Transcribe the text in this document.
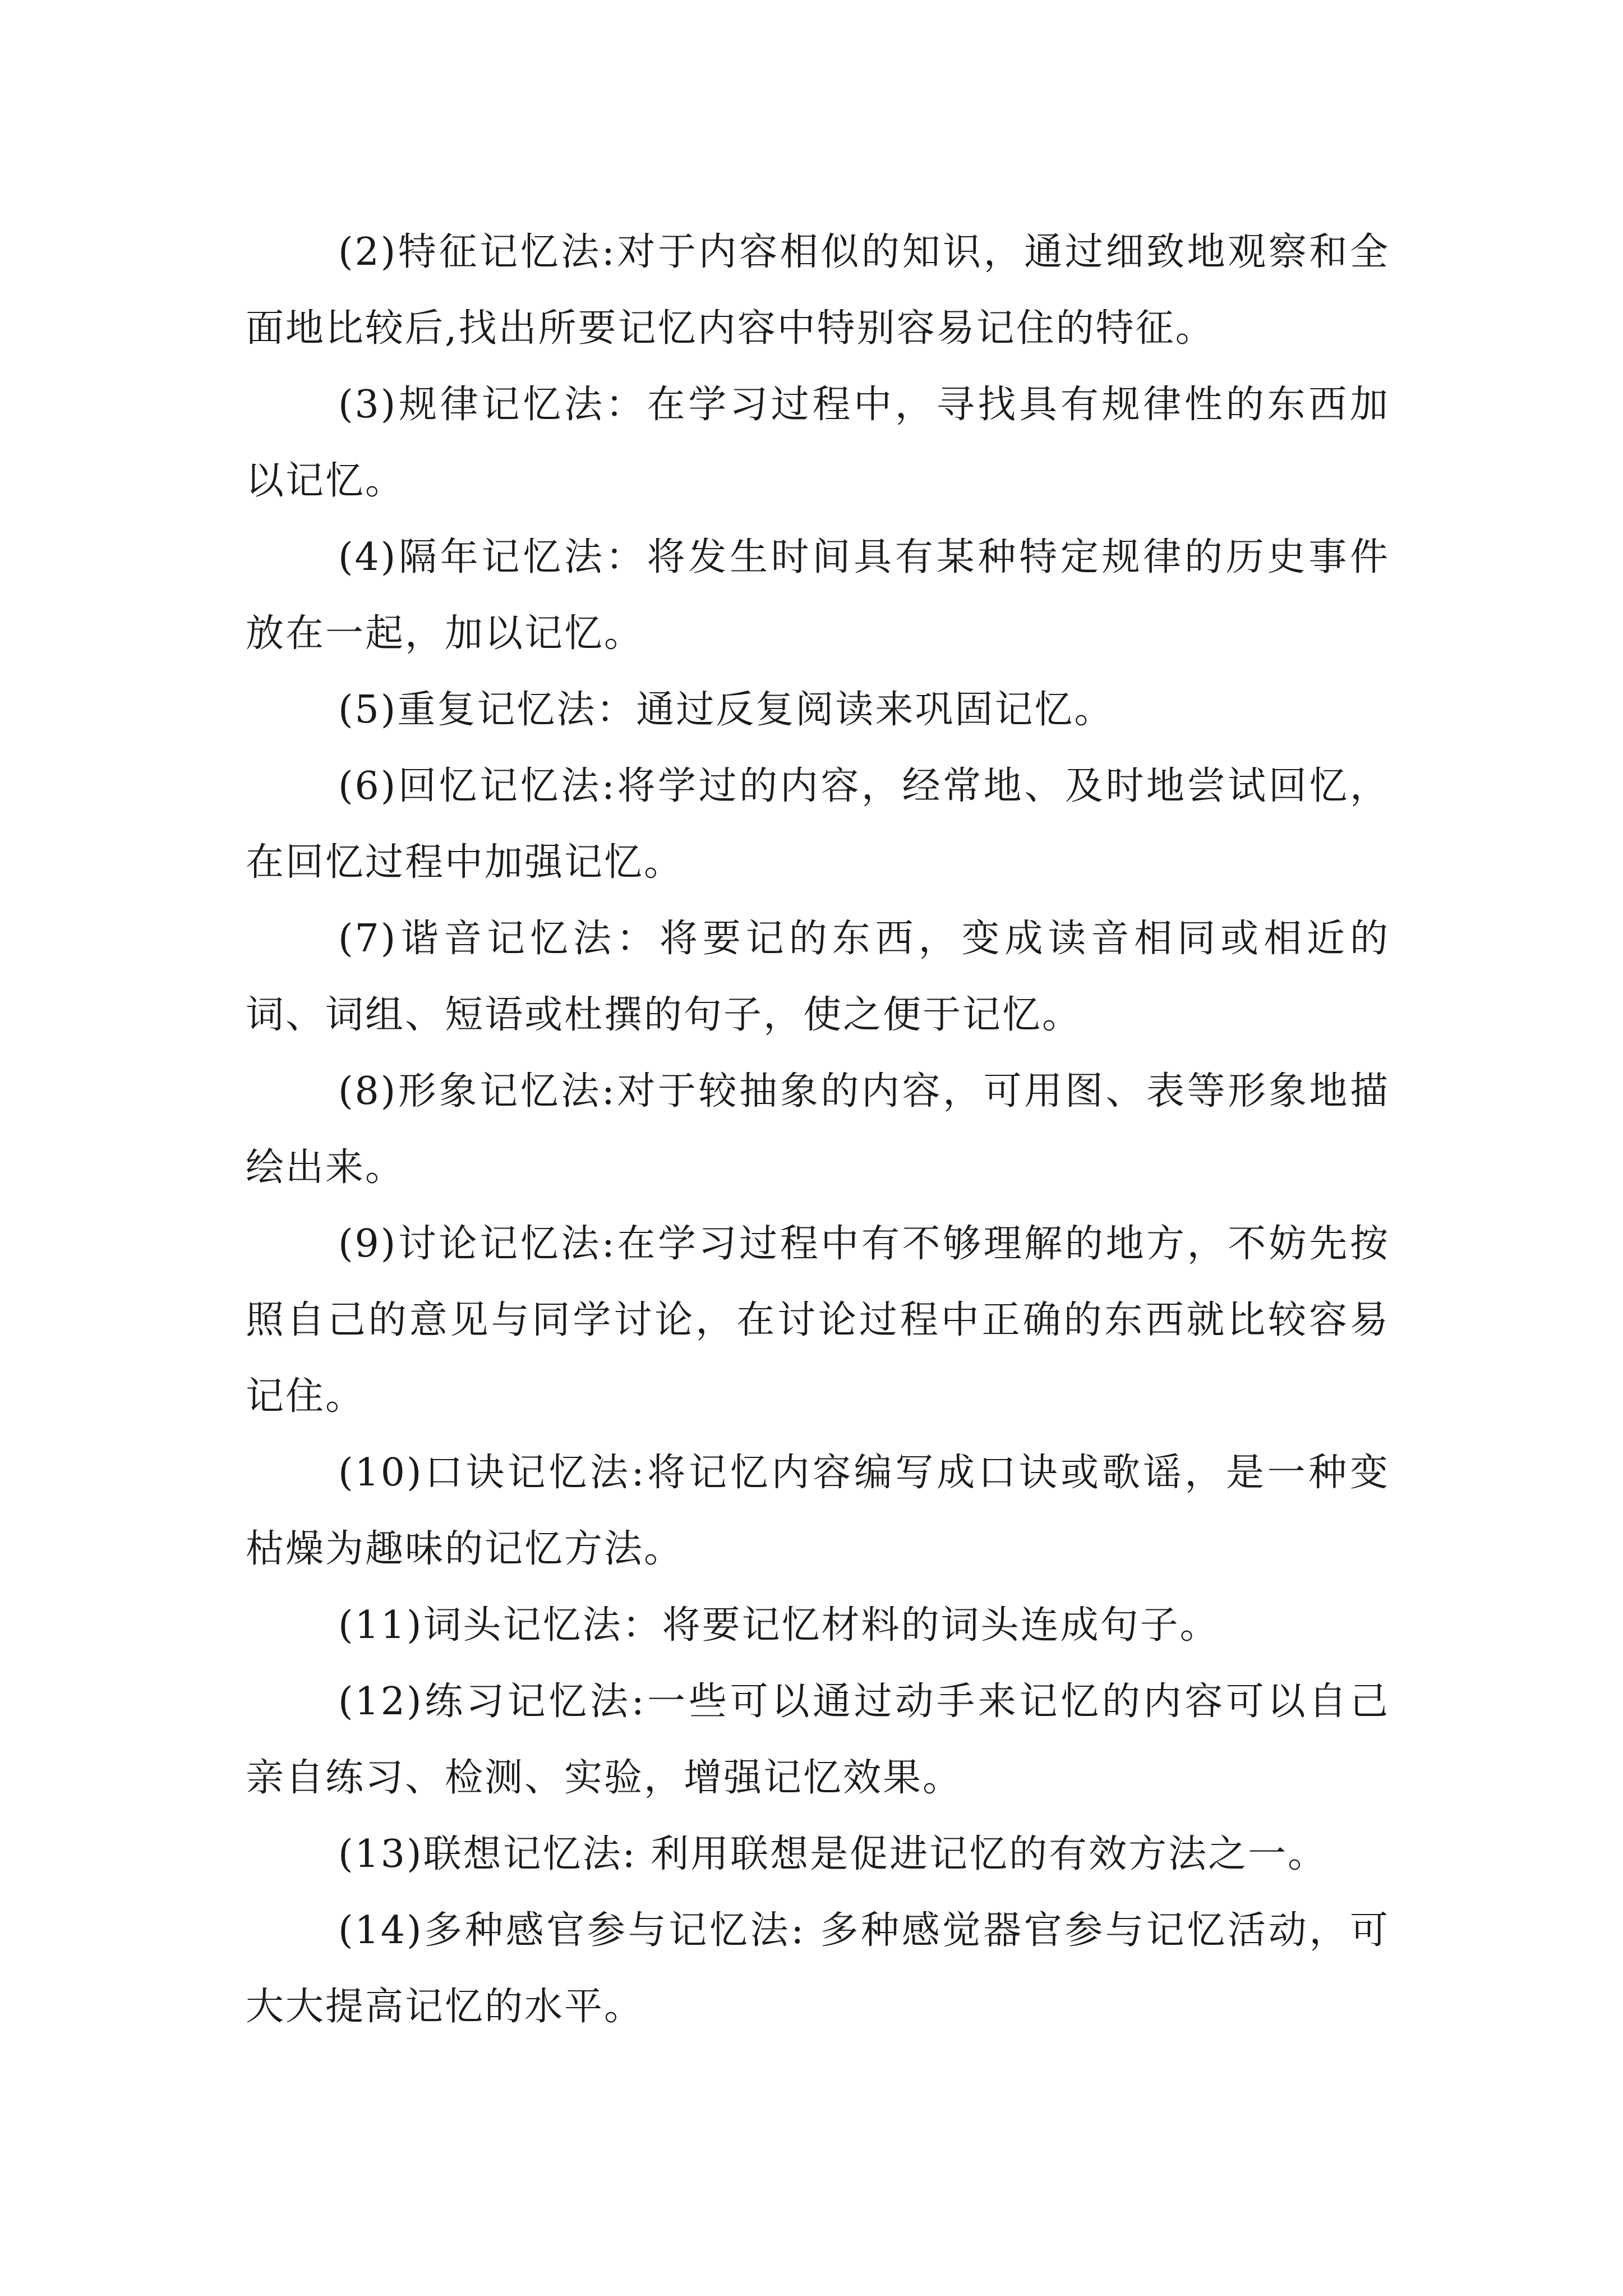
(2)特征记忆法:对于内容相似的知识，通过细致地观察和全面地比较后,找出所要记忆内容中特别容易记住的特征。

(3)规律记忆法：在学习过程中，寻找具有规律性的东西加以记忆。

(4)隔年记忆法：将发生时间具有某种特定规律的历史事件放在一起，加以记忆。

(5)重复记忆法：通过反复阅读来巩固记忆。

(6)回忆记忆法:将学过的内容，经常地、及时地尝试回忆，在回忆过程中加强记忆。

(7)谐音记忆法：将要记的东西，变成读音相同或相近的词、词组、短语或杜撰的句子，使之便于记忆。

(8)形象记忆法:对于较抽象的内容，可用图、表等形象地描绘出来。

(9)讨论记忆法:在学习过程中有不够理解的地方，不妨先按照自己的意见与同学讨论，在讨论过程中正确的东西就比较容易记住。

(10)口诀记忆法:将记忆内容编写成口诀或歌谣，是一种变枯燥为趣味的记忆方法。

(11)词头记忆法：将要记忆材料的词头连成句子。

(12)练习记忆法:一些可以通过动手来记忆的内容可以自己亲自练习、检测、实验，增强记忆效果。

(13)联想记忆法: 利用联想是促进记忆的有效方法之一。

(14)多种感官参与记忆法: 多种感觉器官参与记忆活动，可大大提高记忆的水平。
